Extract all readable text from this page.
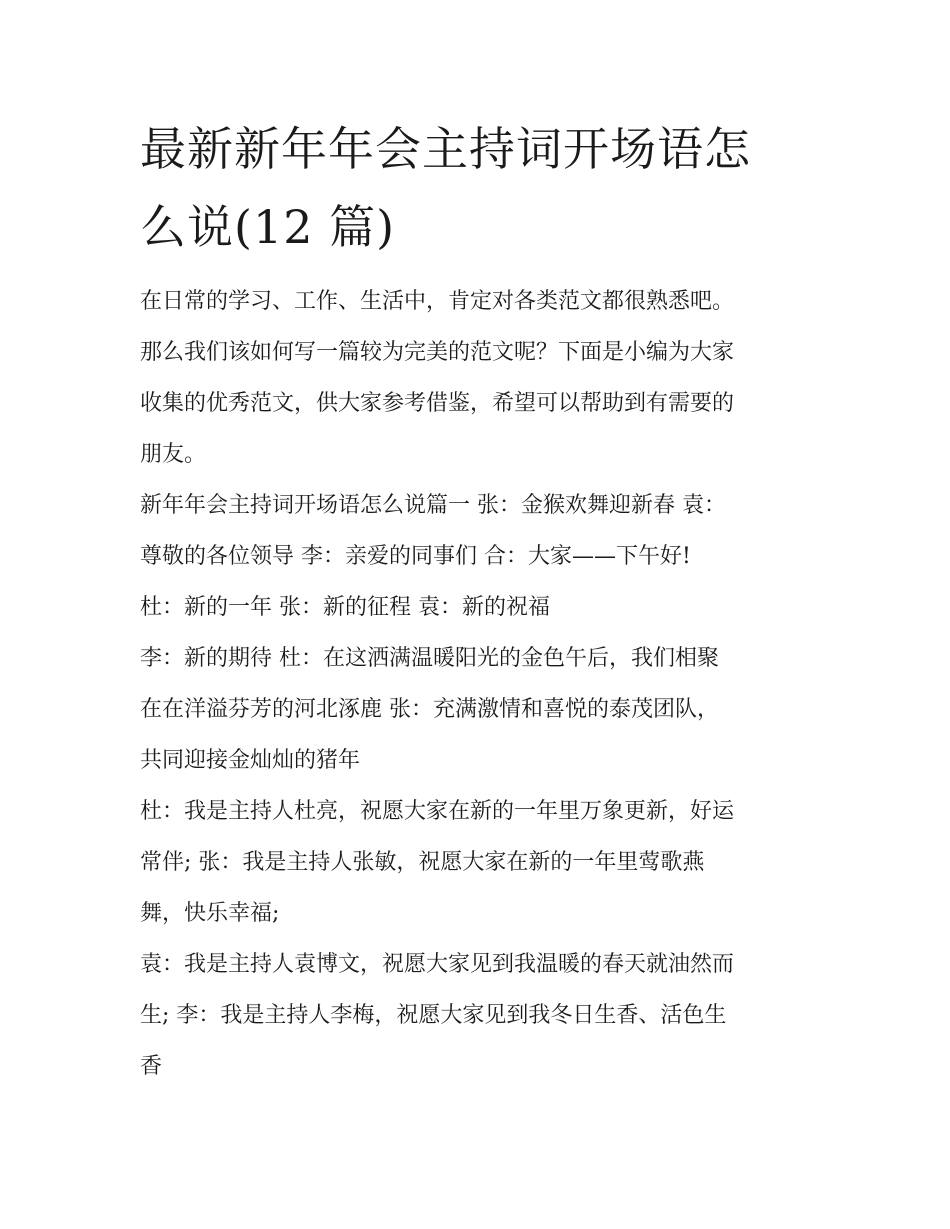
最新新年年会主持词开场语怎
么说(12 篇)

在日常的学习、工作、生活中，肯定对各类范文都很熟悉吧。
那么我们该如何写一篇较为完美的范文呢？下面是小编为大家
收集的优秀范文，供大家参考借鉴，希望可以帮助到有需要的
朋友。

新年年会主持词开场语怎么说篇一 张：金猴欢舞迎新春 袁：
尊敬的各位领导 李：亲爱的同事们 合：大家——下午好!

杜：新的一年 张：新的征程 袁：新的祝福

李：新的期待 杜：在这洒满温暖阳光的金色午后，我们相聚
在在洋溢芬芳的河北涿鹿 张：充满激情和喜悦的泰茂团队，
共同迎接金灿灿的猪年

杜：我是主持人杜亮，祝愿大家在新的一年里万象更新，好运
常伴; 张：我是主持人张敏，祝愿大家在新的一年里莺歌燕
舞，快乐幸福;

袁：我是主持人袁博文，祝愿大家见到我温暖的春天就油然而
生; 李：我是主持人李梅，祝愿大家见到我冬日生香、活色生
香
